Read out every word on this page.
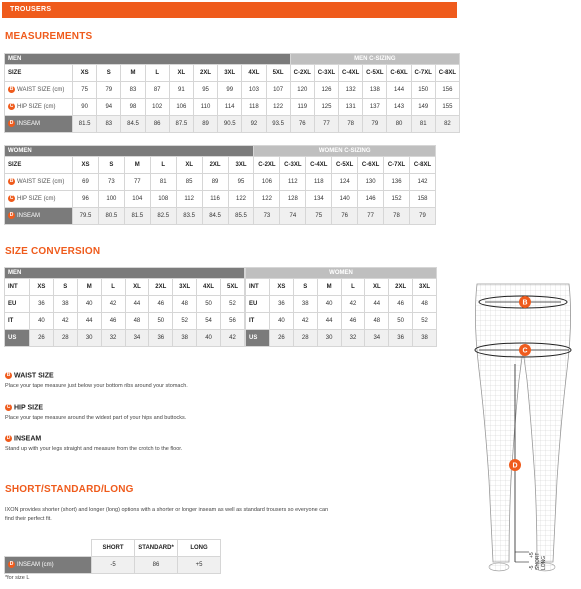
TROUSERS
MEASUREMENTS
MEN										MEN C-SIZING						
SIZE	XS	S	M	L	XL	2XL	3XL	4XL	5XL	C-2XL	C-3XL	C-4XL	C-5XL	C-6XL	C-7XL	C-8XL
B WAIST SIZE (cm)	75	79	83	87	91	95	99	103	107	120	126	132	138	144	150	156
C HIP SIZE (cm)	90	94	98	102	106	110	114	118	122	119	125	131	137	143	149	155
D INSEAM	81.5	83	84.5	86	87.5	89	90.5	92	93.5	76	77	78	79	80	81	82
WOMEN								WOMEN C-SIZING						
SIZE	XS	S	M	L	XL	2XL	3XL	C-2XL	C-3XL	C-4XL	C-5XL	C-6XL	C-7XL	C-8XL
B WAIST SIZE (cm)	69	73	77	81	85	89	95	106	112	118	124	130	136	142
C HIP SIZE (cm)	96	100	104	108	112	116	122	122	128	134	140	146	152	158
D INSEAM	79.5	80.5	81.5	82.5	83.5	84.5	85.5	73	74	75	76	77	78	79
SIZE CONVERSION
MEN									
INT	XS	S	M	L	XL	2XL	3XL	4XL	5XL
EU	36	38	40	42	44	46	48	50	52
IT	40	42	44	46	48	50	52	54	56
US	26	28	30	32	34	36	38	40	42
WOMEN							
INT	XS	S	M	L	XL	2XL	3XL
EU	36	38	40	42	44	46	48
IT	40	42	44	46	48	50	52
US	26	28	30	32	34	36	38
B WAIST SIZE
Place your tape measure just below your bottom ribs around your stomach.
C HIP SIZE
Place your tape measure around the widest part of your hips and buttocks.
D INSEAM
Stand up with your legs straight and measure from the crotch to the floor.
SHORT/STANDARD/LONG
IXON provides shorter (short) and longer (long) options with a shorter or longer inseam as well as standard trousers so everyone can find their perfect fit.
	SHORT	STANDARD*	LONG
D INSEAM (cm)	-5	86	+5
*for size L
B
C
D
SHORT LONG
-5
+5
